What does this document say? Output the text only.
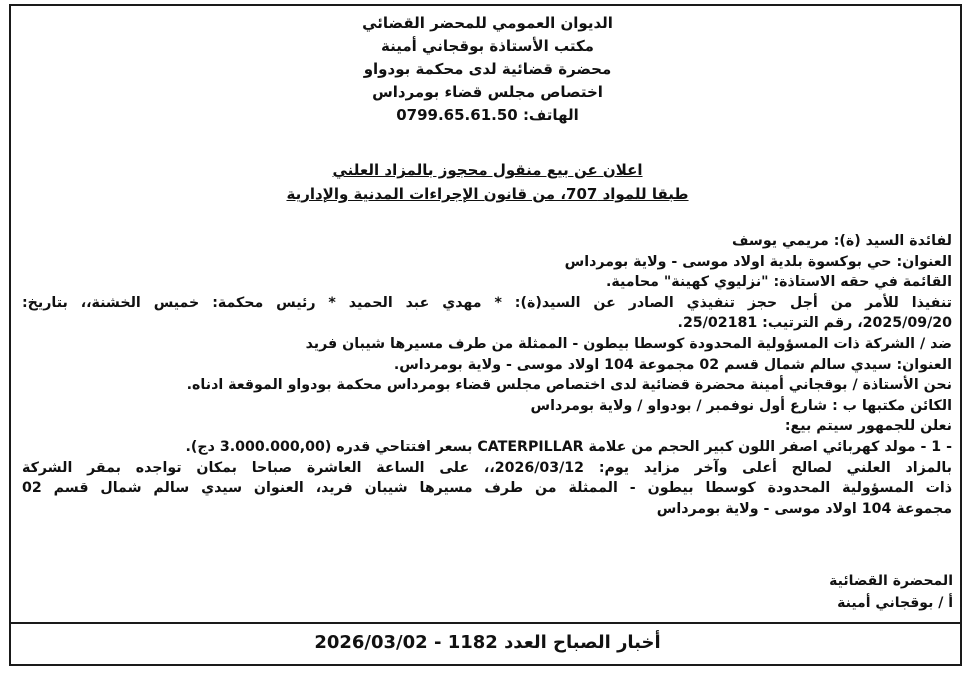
الديوان العمومي للمحضر القضائي
مكتب الأستاذة بوقجاني أمينة
محضرة قضائية لدى محكمة بودواو
اختصاص مجلس قضاء بومرداس
الهاتف: 0799.65.61.50
اعلان عن بيع منقول محجوز بالمزاد العلني
طبقا للمواد 707، من قانون الإجراءات المدنية والإدارية
لفائدة السيد (ة): مريمي يوسف
العنوان: حي بوكسوة بلدية اولاد موسى - ولاية بومرداس
القائمة في حقه الاستاذة: "نزليوي كهينة" محامية.
تنفيذا للأمر من أجل حجز تنفيذي الصادر عن السيد(ة): * مهدي عبد الحميد * رئيس محكمة: خميس الخشنة،، بتاريخ:
2025/09/20، رقم الترتيب: 25/02181.
ضد / الشركة ذات المسؤولية المحدودة كوسطا بيطون - الممثلة من طرف مسيرها شيبان فريد
العنوان: سيدي سالم شمال قسم 02 مجموعة 104 اولاد موسى - ولاية بومرداس.
نحن الأستاذة / بوقجاني أمينة محضرة قضائية لدى اختصاص مجلس قضاء بومرداس محكمة بودواو الموقعة ادناه.
الكائن مكتبها ب : شارع أول نوفمبر / بودواو / ولاية بومرداس
نعلن للجمهور سيتم بيع:
- 1 - مولد كهربائي اصفر اللون كبير الحجم من علامة CATERPILLAR بسعر افتتاحي قدره (3.000.000,00 دج).
بالمزاد العلني لصالح أعلى وآخر مزايد يوم: 2026/03/12،، على الساعة العاشرة صباحا بمكان تواجده بمقر الشركة
ذات المسؤولية المحدودة كوسطا بيطون - الممثلة من طرف مسيرها شيبان فريد، العنوان سيدي سالم شمال قسم 02
مجموعة 104 اولاد موسى - ولاية بومرداس
المحضرة القضائية
أ / بوقجاني أمينة
أخبار الصباح العدد 1182 - 2026/03/02
